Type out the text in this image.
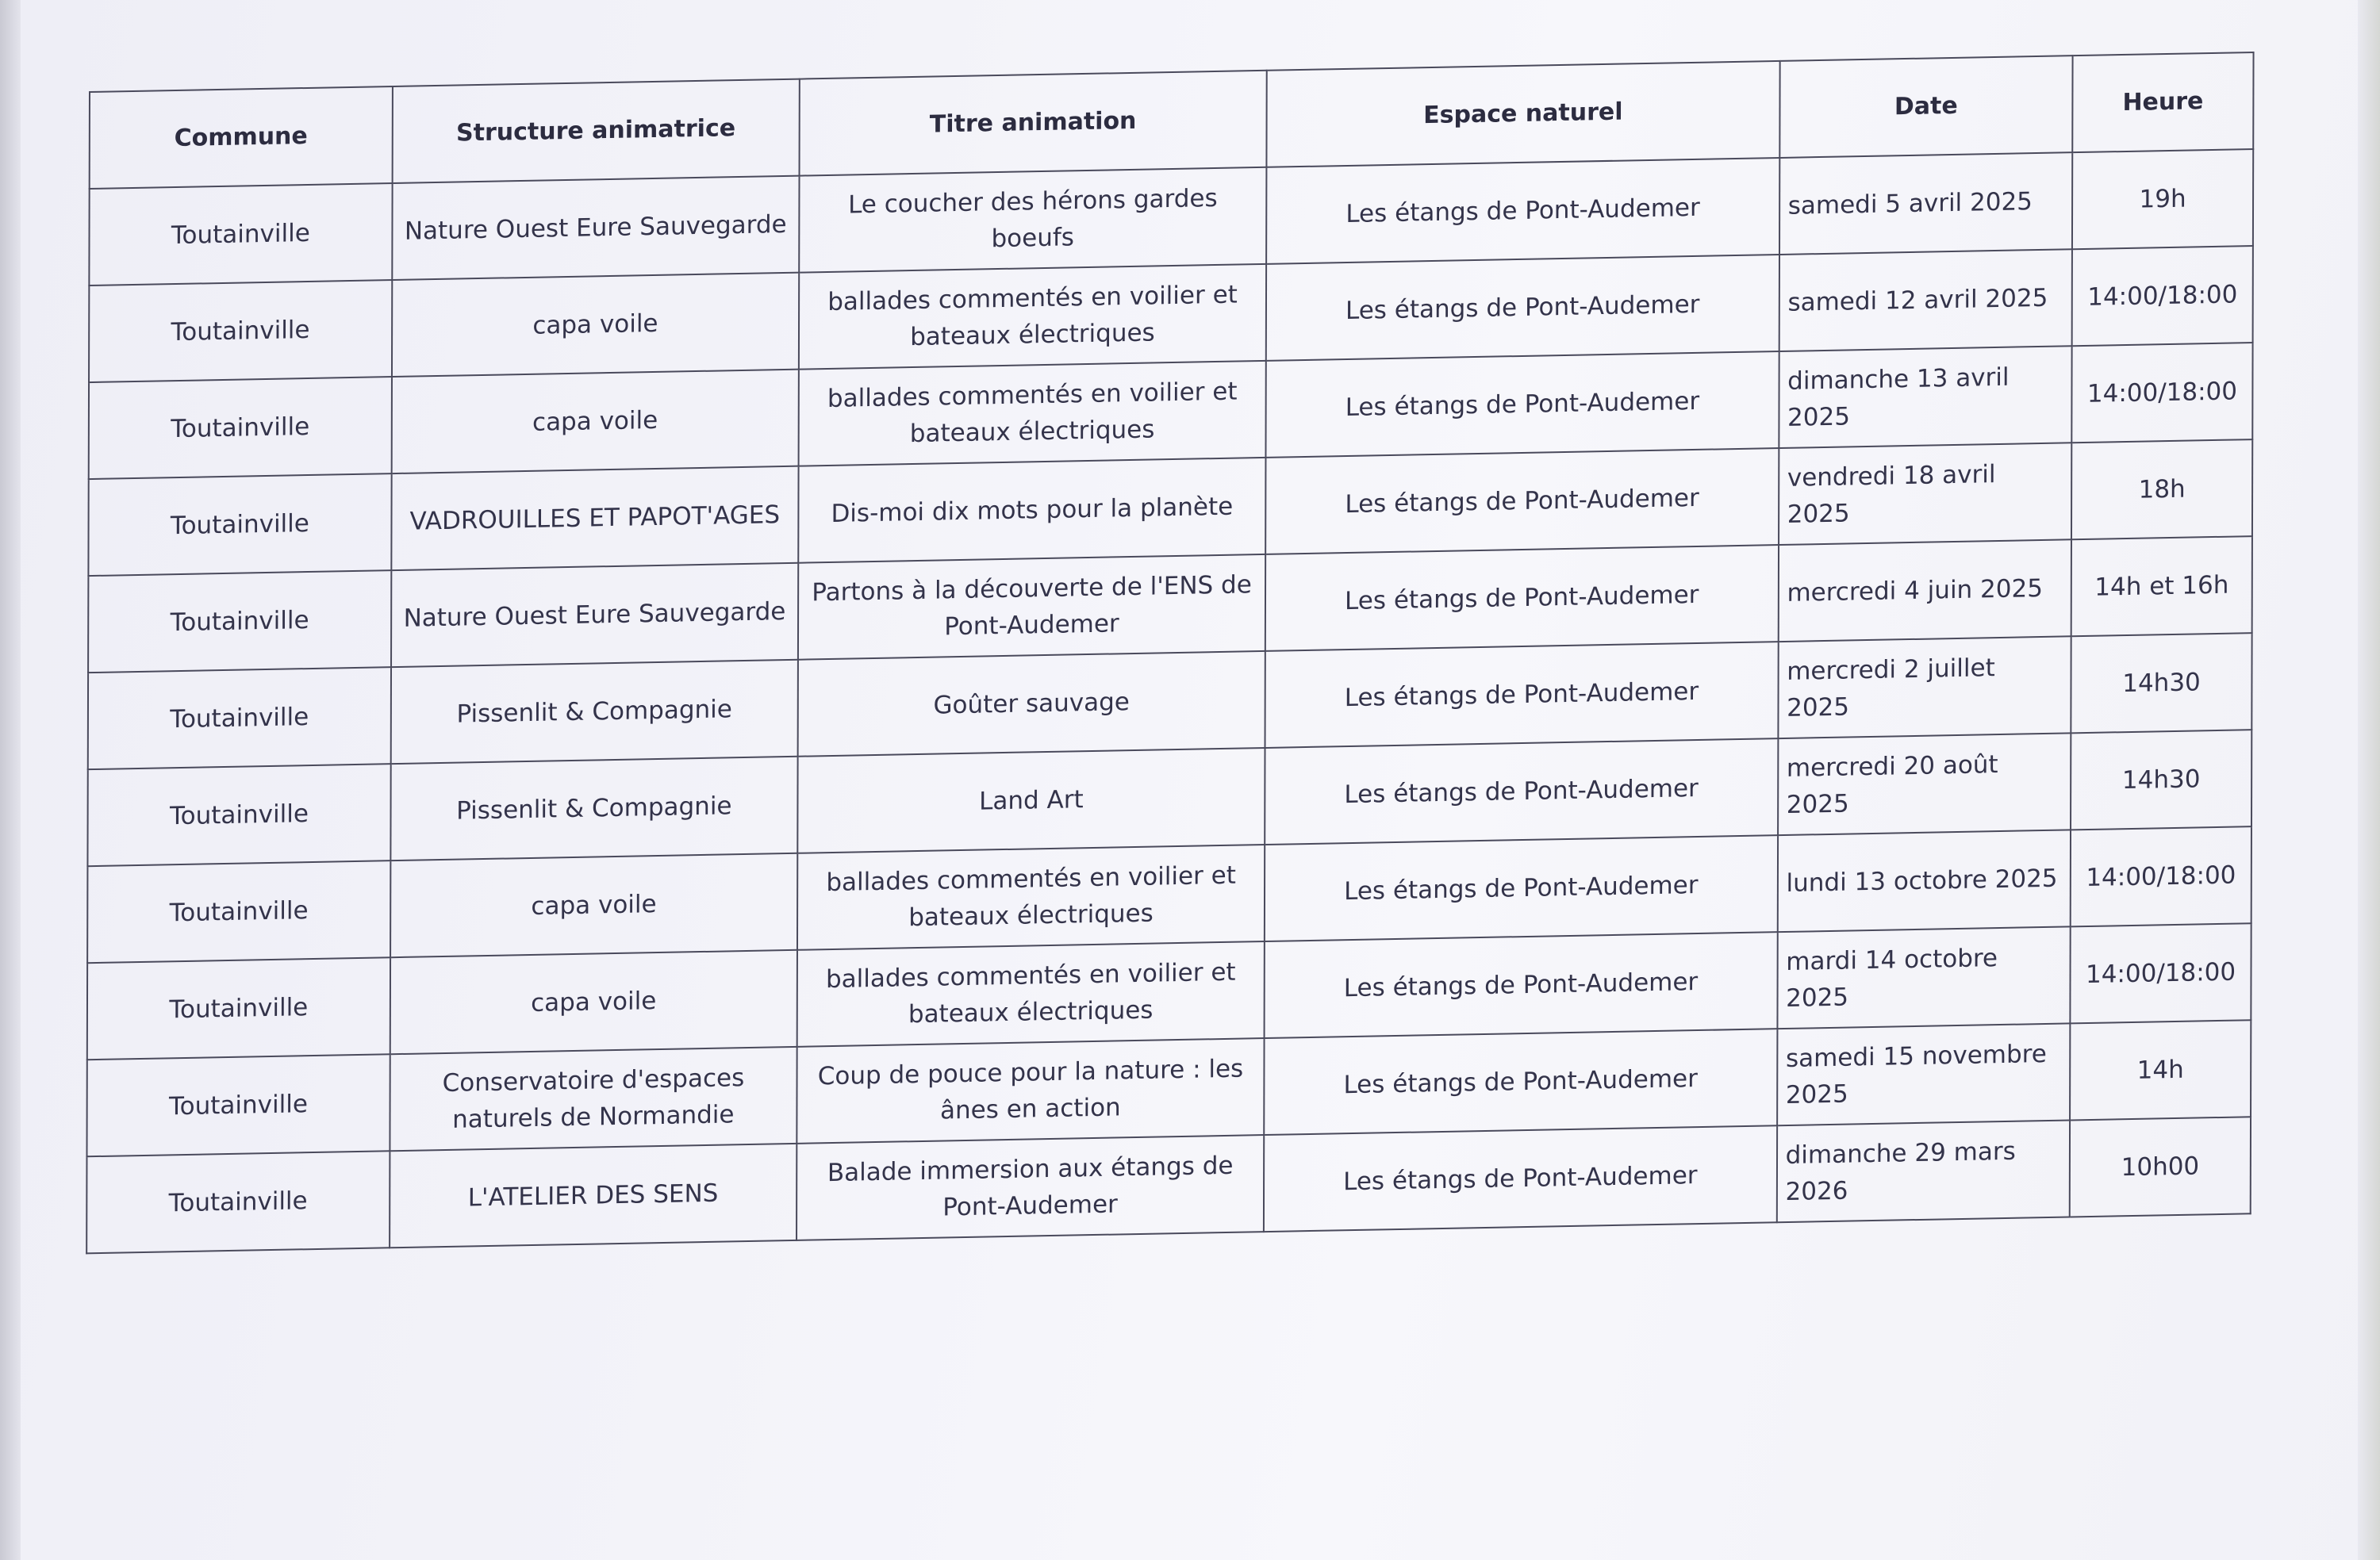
Commune	Structure animatrice	Titre animation	Espace naturel	Date	Heure
Toutainville	Nature Ouest Eure Sauvegarde	Le coucher des hérons gardes boeufs	Les étangs de Pont-Audemer	samedi 5 avril 2025	19h
Toutainville	capa voile	ballades commentés en voilier et bateaux électriques	Les étangs de Pont-Audemer	samedi 12 avril 2025	14:00/18:00
Toutainville	capa voile	ballades commentés en voilier et bateaux électriques	Les étangs de Pont-Audemer	dimanche 13 avril 2025	14:00/18:00
Toutainville	VADROUILLES ET PAPOT'AGES	Dis-moi dix mots pour la planète	Les étangs de Pont-Audemer	vendredi 18 avril 2025	18h
Toutainville	Nature Ouest Eure Sauvegarde	Partons à la découverte de l'ENS de Pont-Audemer	Les étangs de Pont-Audemer	mercredi 4 juin 2025	14h et 16h
Toutainville	Pissenlit & Compagnie	Goûter sauvage	Les étangs de Pont-Audemer	mercredi 2 juillet 2025	14h30
Toutainville	Pissenlit & Compagnie	Land Art	Les étangs de Pont-Audemer	mercredi 20 août 2025	14h30
Toutainville	capa voile	ballades commentés en voilier et bateaux électriques	Les étangs de Pont-Audemer	lundi 13 octobre 2025	14:00/18:00
Toutainville	capa voile	ballades commentés en voilier et bateaux électriques	Les étangs de Pont-Audemer	mardi 14 octobre 2025	14:00/18:00
Toutainville	Conservatoire d'espaces naturels de Normandie	Coup de pouce pour la nature : les ânes en action	Les étangs de Pont-Audemer	samedi 15 novembre 2025	14h
Toutainville	L'ATELIER DES SENS	Balade immersion aux étangs de Pont-Audemer	Les étangs de Pont-Audemer	dimanche 29 mars 2026	10h00
